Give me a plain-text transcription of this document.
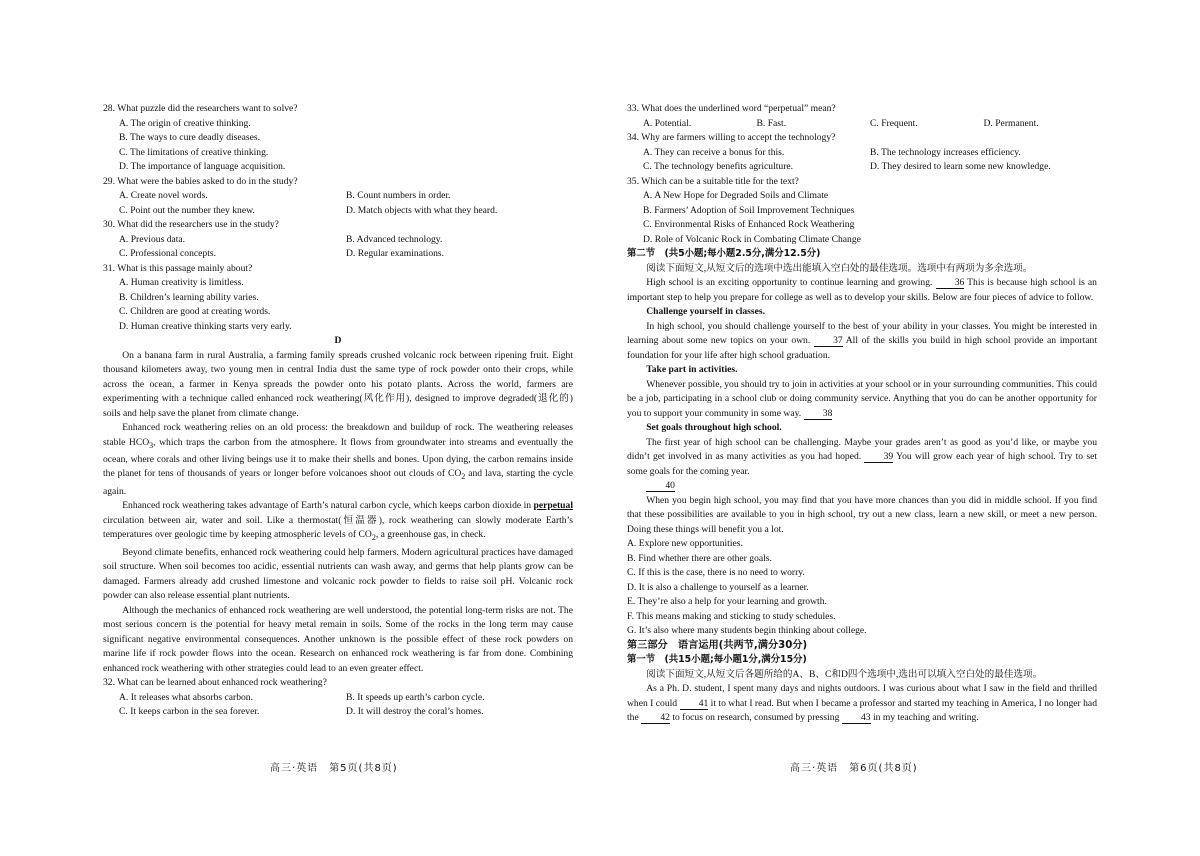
28. What puzzle did the researchers want to solve?
A. The origin of creative thinking.
B. The ways to cure deadly diseases.
C. The limitations of creative thinking.
D. The importance of language acquisition.
29. What were the babies asked to do in the study?
A. Create novel words.	B. Count numbers in order.
C. Point out the number they knew.	D. Match objects with what they heard.
30. What did the researchers use in the study?
A. Previous data.	B. Advanced technology.
C. Professional concepts.	D. Regular examinations.
31. What is this passage mainly about?
A. Human creativity is limitless.
B. Children’s learning ability varies.
C. Children are good at creating words.
D. Human creative thinking starts very early.
D

On a banana farm in rural Australia, a farming family spreads crushed volcanic rock between ripening fruit. Eight thousand kilometers away, two young men in central India dust the same type of rock powder onto their crops, while across the ocean, a farmer in Kenya spreads the powder onto his potato plants. Across the world, farmers are experimenting with a technique called enhanced rock weathering(风化作用), designed to improve degraded(退化的) soils and help save the planet from climate change.

Enhanced rock weathering relies on an old process: the breakdown and buildup of rock. The weathering releases stable $HCO_3$, which traps the carbon from the atmosphere. It flows from groundwater into streams and eventually the ocean, where corals and other living beings use it to make their shells and bones. Upon dying, the carbon remains inside the planet for tens of thousands of years or longer before volcanoes shoot out clouds of $CO_2$ and lava, starting the cycle again.

Enhanced rock weathering takes advantage of Earth’s natural carbon cycle, which keeps carbon dioxide in perpetual circulation between air, water and soil. Like a thermostat(恒温器), rock weathering can slowly moderate Earth’s temperatures over geologic time by keeping atmospheric levels of $CO_2$, a greenhouse gas, in check.

Beyond climate benefits, enhanced rock weathering could help farmers. Modern agricultural practices have damaged soil structure. When soil becomes too acidic, essential nutrients can wash away, and germs that help plants grow can be damaged. Farmers already add crushed limestone and volcanic rock powder to fields to raise soil pH. Volcanic rock powder can also release essential plant nutrients.

Although the mechanics of enhanced rock weathering are well understood, the potential long-term risks are not. The most serious concern is the potential for heavy metal remain in soils. Some of the rocks in the long term may cause significant negative environmental consequences. Another unknown is the possible effect of these rock powders on marine life if rock powder flows into the ocean. Research on enhanced rock weathering is far from done. Combining enhanced rock weathering with other strategies could lead to an even greater effect.

32. What can be learned about enhanced rock weathering?
A. It releases what absorbs carbon.	B. It speeds up earth’s carbon cycle.
C. It keeps carbon in the sea forever.	D. It will destroy the coral’s homes.
33. What does the underlined word “perpetual” mean?
A. Potential.	B. Fast.	C. Frequent.	D. Permanent.
34. Why are farmers willing to accept the technology?
A. They can receive a bonus for this.	B. The technology increases efficiency.
C. The technology benefits agriculture.	D. They desired to learn some new knowledge.
35. Which can be a suitable title for the text?
A. A New Hope for Degraded Soils and Climate
B. Farmers’ Adoption of Soil Improvement Techniques
C. Environmental Risks of Enhanced Rock Weathering
D. Role of Volcanic Rock in Combating Climate Change
第二节　(共5小题;每小题2.5分,满分12.5分)

阅读下面短文,从短文后的选项中选出能填入空白处的最佳选项。选项中有两项为多余选项。

High school is an exciting opportunity to continue learning and growing. 36 This is because high school is an important step to help you prepare for college as well as to develop your skills. Below are four pieces of advice to follow.

Challenge yourself in classes.

In high school, you should challenge yourself to the best of your ability in your classes. You might be interested in learning about some new topics on your own. 37 All of the skills you build in high school provide an important foundation for your life after high school graduation.

Take part in activities.

Whenever possible, you should try to join in activities at your school or in your surrounding communities. This could be a job, participating in a school club or doing community service. Anything that you do can be another opportunity for you to support your community in some way. 38

Set goals throughout high school.

The first year of high school can be challenging. Maybe your grades aren’t as good as you’d like, or maybe you didn’t get involved in as many activities as you had hoped. 39 You will grow each year of high school. Try to set some goals for the coming year.

40

When you begin high school, you may find that you have more chances than you did in middle school. If you find that these possibilities are available to you in high school, try out a new class, learn a new skill, or meet a new person. Doing these things will benefit you a lot.

A. Explore new opportunities.
B. Find whether there are other goals.
C. If this is the case, there is no need to worry.
D. It is also a challenge to yourself as a learner.
E. They’re also a help for your learning and growth.
F. This means making and sticking to study schedules.
G. It’s also where many students begin thinking about college.
第三部分　语言运用(共两节,满分30分)
第一节　(共15小题;每小题1分,满分15分)

阅读下面短文,从短文后各题所给的A、B、C和D四个选项中,选出可以填入空白处的最佳选项。

As a Ph. D. student, I spent many days and nights outdoors. I was curious about what I saw in the field and thrilled when I could 41 it to what I read. But when I became a professor and started my teaching in America, I no longer had the 42 to focus on research, consumed by pressing 43 in my teaching and writing.

高三·英语　第5页(共8页)	高三·英语　第6页(共8页)
